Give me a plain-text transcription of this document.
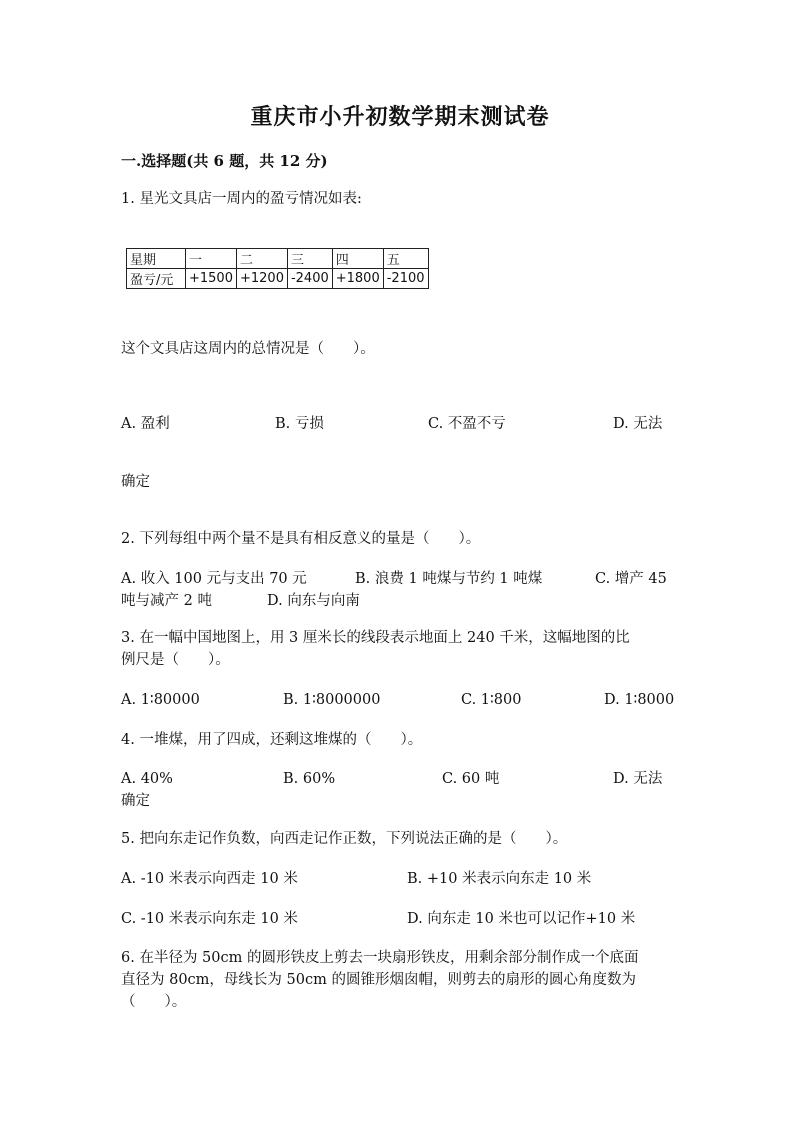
重庆市小升初数学期末测试卷
一.选择题(共 6 题，共 12 分)
1. 星光文具店一周内的盈亏情况如表:
星期	一	二	三	四	五
盈亏/元	+1500	+1200	-2400	+1800	-2100
这个文具店这周内的总情况是（　　）。
A. 盈利	B. 亏损	C. 不盈不亏	D. 无法
确定
2. 下列每组中两个量不是具有相反意义的量是（　　）。
A. 收入 100 元与支出 70 元	B. 浪费 1 吨煤与节约 1 吨煤	C. 增产 45
吨与减产 2 吨	D. 向东与向南
3. 在一幅中国地图上，用 3 厘米长的线段表示地面上 240 千米，这幅地图的比
例尺是（　　）。
A. 1∶80000	B. 1∶8000000	C. 1∶800	D. 1∶8000
4. 一堆煤，用了四成，还剩这堆煤的（　　）。
A. 40%	B. 60%	C. 60 吨	D. 无法
确定
5. 把向东走记作负数，向西走记作正数，下列说法正确的是（　　）。
A. -10 米表示向西走 10 米	B. +10 米表示向东走 10 米
C. -10 米表示向东走 10 米	D. 向东走 10 米也可以记作+10 米
6. 在半径为 50cm 的圆形铁皮上剪去一块扇形铁皮，用剩余部分制作成一个底面
直径为 80cm，母线长为 50cm 的圆锥形烟囱帽，则剪去的扇形的圆心角度数为
（　　）。
